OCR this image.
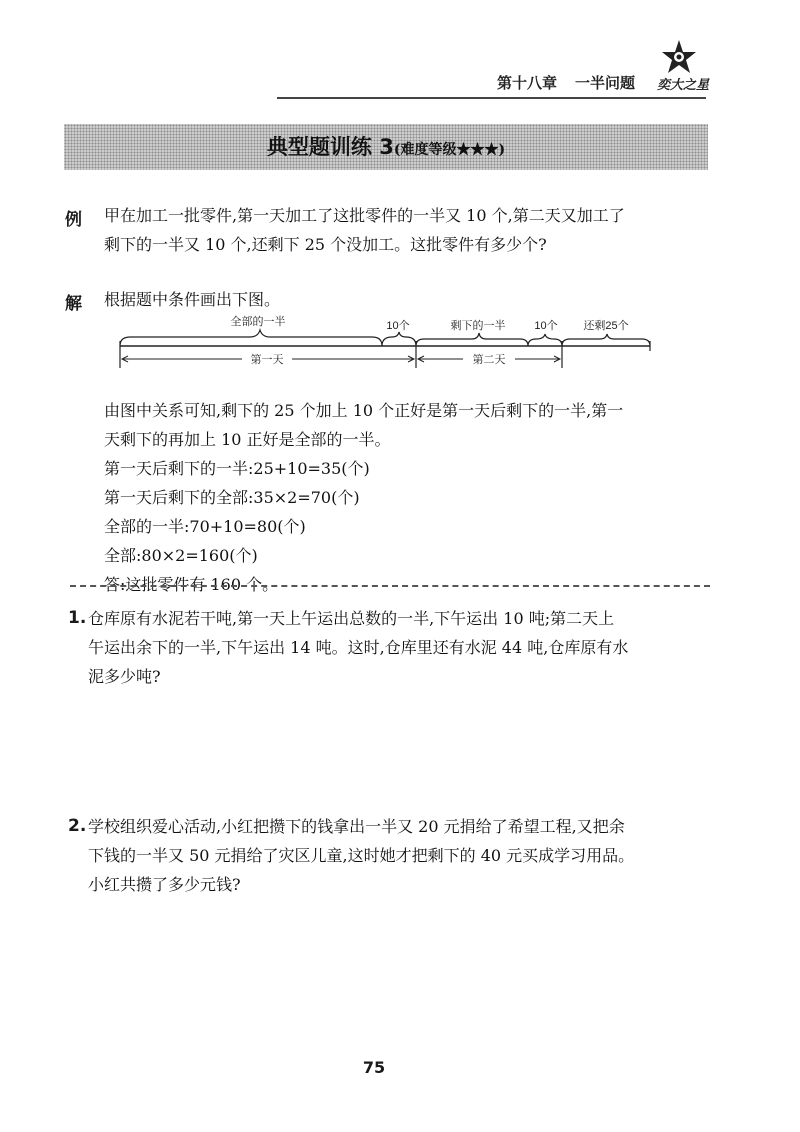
第十八章 一半问题 奕大之星
典型题训练 3(难度等级★★★)
例 甲在加工一批零件,第一天加工了这批零件的一半又 10 个,第二天又加工了
剩下的一半又 10 个,还剩下 25 个没加工。这批零件有多少个?
解 根据题中条件画出下图。
全部的一半	10个	剩下的一半	10个 还剩25个
第一天	第二天
由图中关系可知,剩下的 25 个加上 10 个正好是第一天后剩下的一半,第一
天剩下的再加上 10 正好是全部的一半。
第一天后剩下的一半:25+10=35(个)
第一天后剩下的全部:35×2=70(个)
全部的一半:70+10=80(个)
全部:80×2=160(个)
答:这批零件有 160 个。
1. 仓库原有水泥若干吨,第一天上午运出总数的一半,下午运出 10 吨;第二天上
午运出余下的一半,下午运出 14 吨。这时,仓库里还有水泥 44 吨,仓库原有水
泥多少吨?
2. 学校组织爱心活动,小红把攒下的钱拿出一半又 20 元捐给了希望工程,又把余
下钱的一半又 50 元捐给了灾区儿童,这时她才把剩下的 40 元买成学习用品。
小红共攒了多少元钱?
75
